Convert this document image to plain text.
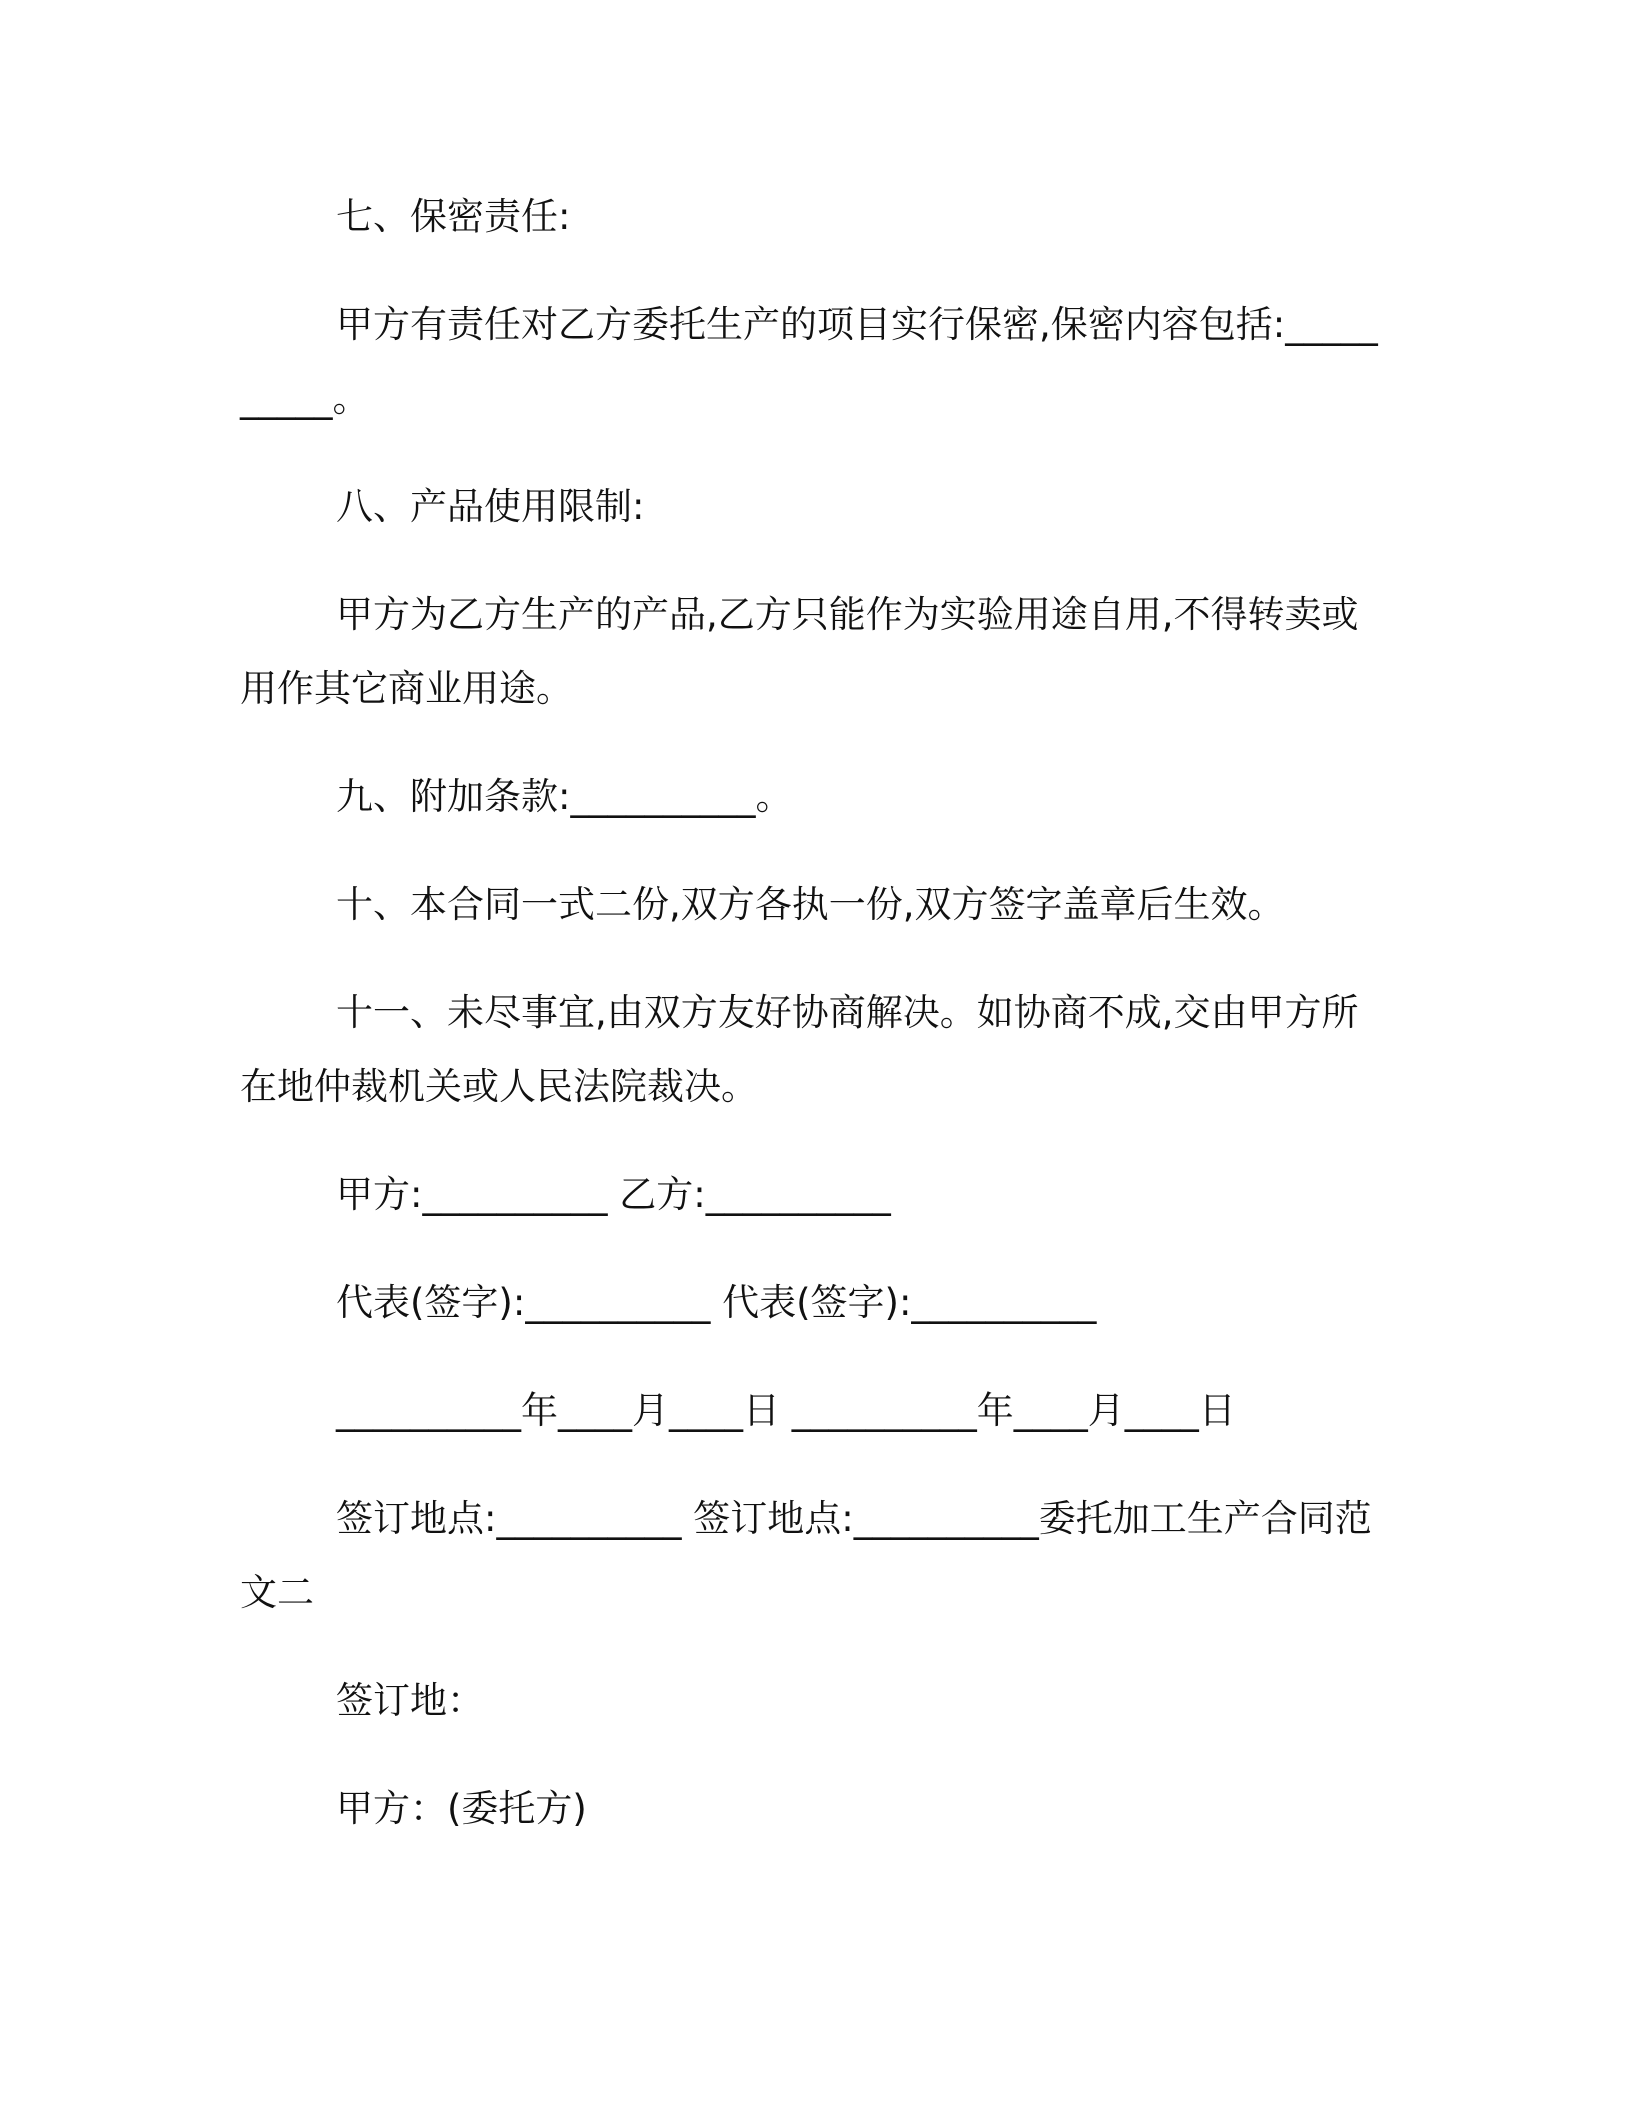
七、保密责任:

甲方有责任对乙方委托生产的项目实行保密,保密内容包括:__________。

八、产品使用限制:

甲方为乙方生产的产品,乙方只能作为实验用途自用,不得转卖或用作其它商业用途。

九、附加条款:__________。

十、本合同一式二份,双方各执一份,双方签字盖章后生效。

十一、未尽事宜,由双方友好协商解决。如协商不成,交由甲方所在地仲裁机关或人民法院裁决。

甲方:__________ 乙方:__________

代表(签字):__________ 代表(签字):__________

__________年____月____日 __________年____月____日

签订地点:__________ 签订地点:__________委托加工生产合同范文二

签订地：

甲方：(委托方)
